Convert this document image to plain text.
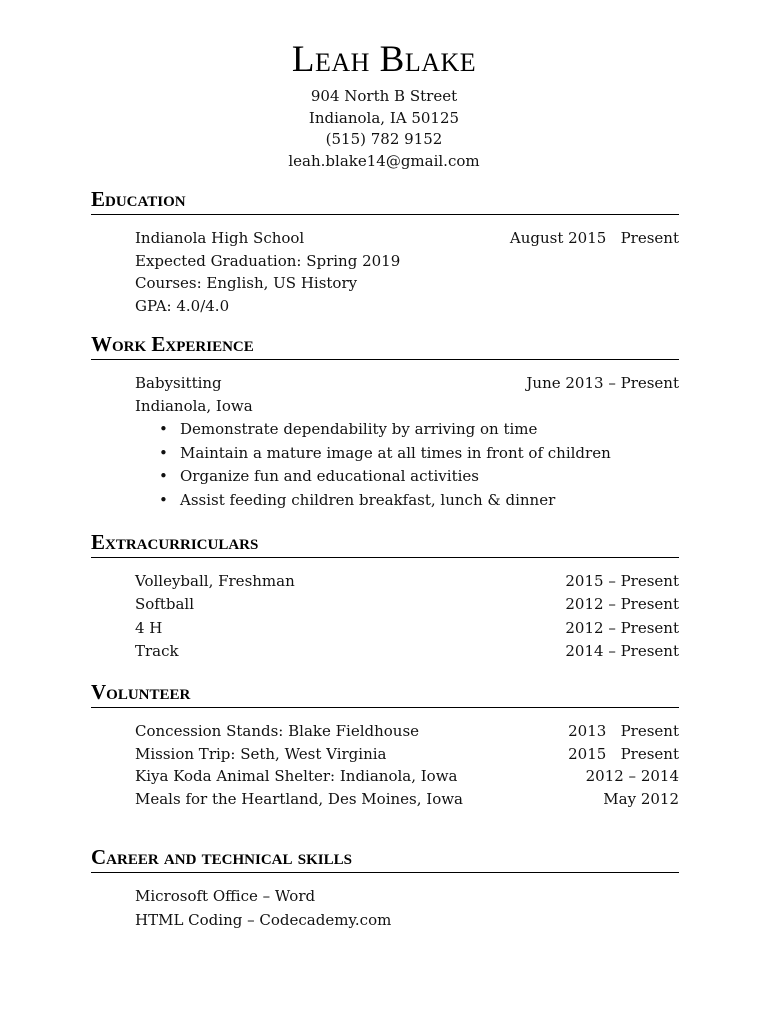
Leah Blake
904 North B Street
Indianola, IA 50125
(515) 782 9152
leah.blake14@gmail.com
Education
Indianola High School	August 2015   Present
Expected Graduation: Spring 2019
Courses: English, US History
GPA: 4.0/4.0
Work Experience
Babysitting	June 2013 – Present
Indianola, Iowa
• Demonstrate dependability by arriving on time
• Maintain a mature image at all times in front of children
• Organize fun and educational activities
• Assist feeding children breakfast, lunch & dinner
Extracurriculars
Volleyball, Freshman	2015 – Present
Softball	2012 – Present
4 H	2012 – Present
Track	2014 – Present
Volunteer
Concession Stands: Blake Fieldhouse	2013   Present
Mission Trip: Seth, West Virginia	2015   Present
Kiya Koda Animal Shelter: Indianola, Iowa	2012 – 2014
Meals for the Heartland, Des Moines, Iowa	May 2012
Career and technical skills
Microsoft Office – Word
HTML Coding – Codecademy.com
